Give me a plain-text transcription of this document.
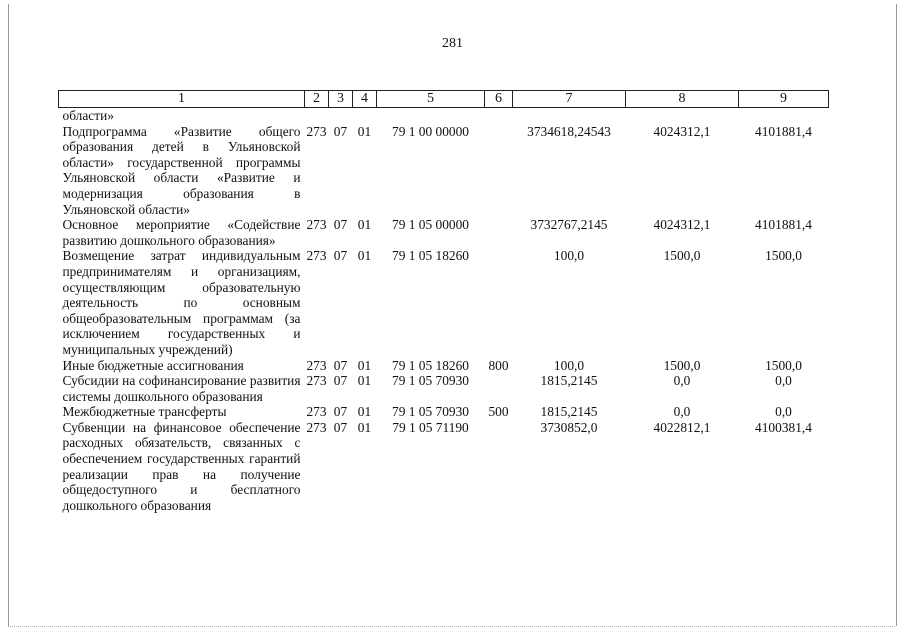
281
1	2	3	4	5	6	7	8	9
области»								
Подпрограмма «Развитие общего образования детей в Ульяновской области» государственной программы Ульяновской области «Развитие и модернизация образования в Ульяновской области»	273	07	01	79 1 00 00000		3734618,24543	4024312,1	4101881,4
Основное мероприятие «Содействие развитию дошкольного образования»	273	07	01	79 1 05 00000		3732767,2145	4024312,1	4101881,4
Возмещение затрат индивидуальным предпринимателям и организациям, осуществляющим образовательную деятельность по основным общеобразовательным программам (за исключением государственных и муниципальных учреждений)	273	07	01	79 1 05 18260		100,0	1500,0	1500,0
Иные бюджетные ассигнования	273	07	01	79 1 05 18260	800	100,0	1500,0	1500,0
Субсидии на софинансирование развития системы дошкольного образования	273	07	01	79 1 05 70930		1815,2145	0,0	0,0
Межбюджетные трансферты	273	07	01	79 1 05 70930	500	1815,2145	0,0	0,0
Субвенции на финансовое обеспечение расходных обязательств, связанных с обеспечением государственных гарантий реализации прав на получение общедоступного и бесплатного дошкольного образования	273	07	01	79 1 05 71190		3730852,0	4022812,1	4100381,4
